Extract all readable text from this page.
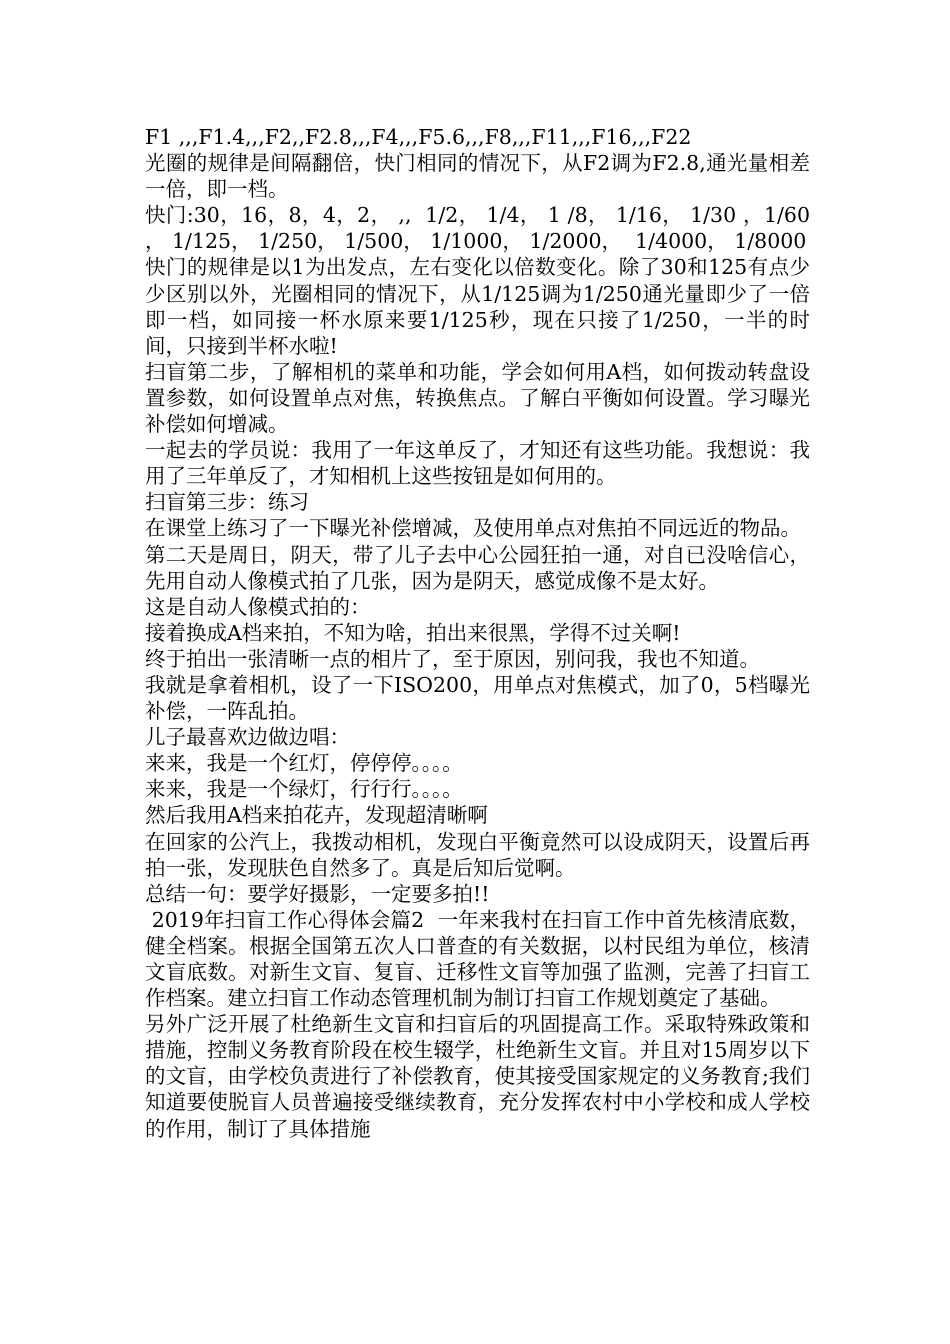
F1 ,,,F1.4,,,F2,,F2.8,,,F4,,,F5.6,,,F8,,,F11,,,F16,,,F22

光圈的规律是间隔翻倍，快门相同的情况下，从F2调为F2.8,通光量相差一倍，即一档。

快门:30，16，8，4，2， ,,  1/2， 1/4， 1 /8， 1/16， 1/30 ，1/60 ， 1/125， 1/250， 1/500， 1/1000， 1/2000，  1/4000， 1/8000

快门的规律是以1为出发点，左右变化以倍数变化。除了30和125有点少少区别以外，光圈相同的情况下，从1/125调为1/250通光量即少了一倍即一档，如同接一杯水原来要1/125秒，现在只接了1/250，一半的时间，只接到半杯水啦!

扫盲第二步，了解相机的菜单和功能，学会如何用A档，如何拨动转盘设置参数，如何设置单点对焦，转换焦点。了解白平衡如何设置。学习曝光补偿如何增减。

一起去的学员说：我用了一年这单反了，才知还有这些功能。我想说：我用了三年单反了，才知相机上这些按钮是如何用的。

扫盲第三步：练习

在课堂上练习了一下曝光补偿增减，及使用单点对焦拍不同远近的物品。

第二天是周日，阴天，带了儿子去中心公园狂拍一通，对自已没啥信心，先用自动人像模式拍了几张，因为是阴天，感觉成像不是太好。

这是自动人像模式拍的：

接着换成A档来拍，不知为啥，拍出来很黑，学得不过关啊!

终于拍出一张清晰一点的相片了，至于原因，别问我，我也不知道。

我就是拿着相机，设了一下ISO200，用单点对焦模式，加了0，5档曝光补偿，一阵乱拍。

儿子最喜欢边做边唱：

来来，我是一个红灯，停停停。。。。

来来，我是一个绿灯，行行行。。。。

然后我用A档来拍花卉，发现超清晰啊

在回家的公汽上，我拨动相机，发现白平衡竟然可以设成阴天，设置后再拍一张，发现肤色自然多了。真是后知后觉啊。

总结一句：要学好摄影，一定要多拍!!

2019年扫盲工作心得体会篇2  一年来我村在扫盲工作中首先核清底数，健全档案。根据全国第五次人口普查的有关数据，以村民组为单位，核清文盲底数。对新生文盲、复盲、迁移性文盲等加强了监测，完善了扫盲工作档案。建立扫盲工作动态管理机制为制订扫盲工作规划奠定了基础。

另外广泛开展了杜绝新生文盲和扫盲后的巩固提高工作。采取特殊政策和措施，控制义务教育阶段在校生辍学，杜绝新生文盲。并且对15周岁以下的文盲，由学校负责进行了补偿教育，使其接受国家规定的义务教育;我们知道要使脱盲人员普遍接受继续教育，充分发挥农村中小学校和成人学校的作用，制订了具体措施
